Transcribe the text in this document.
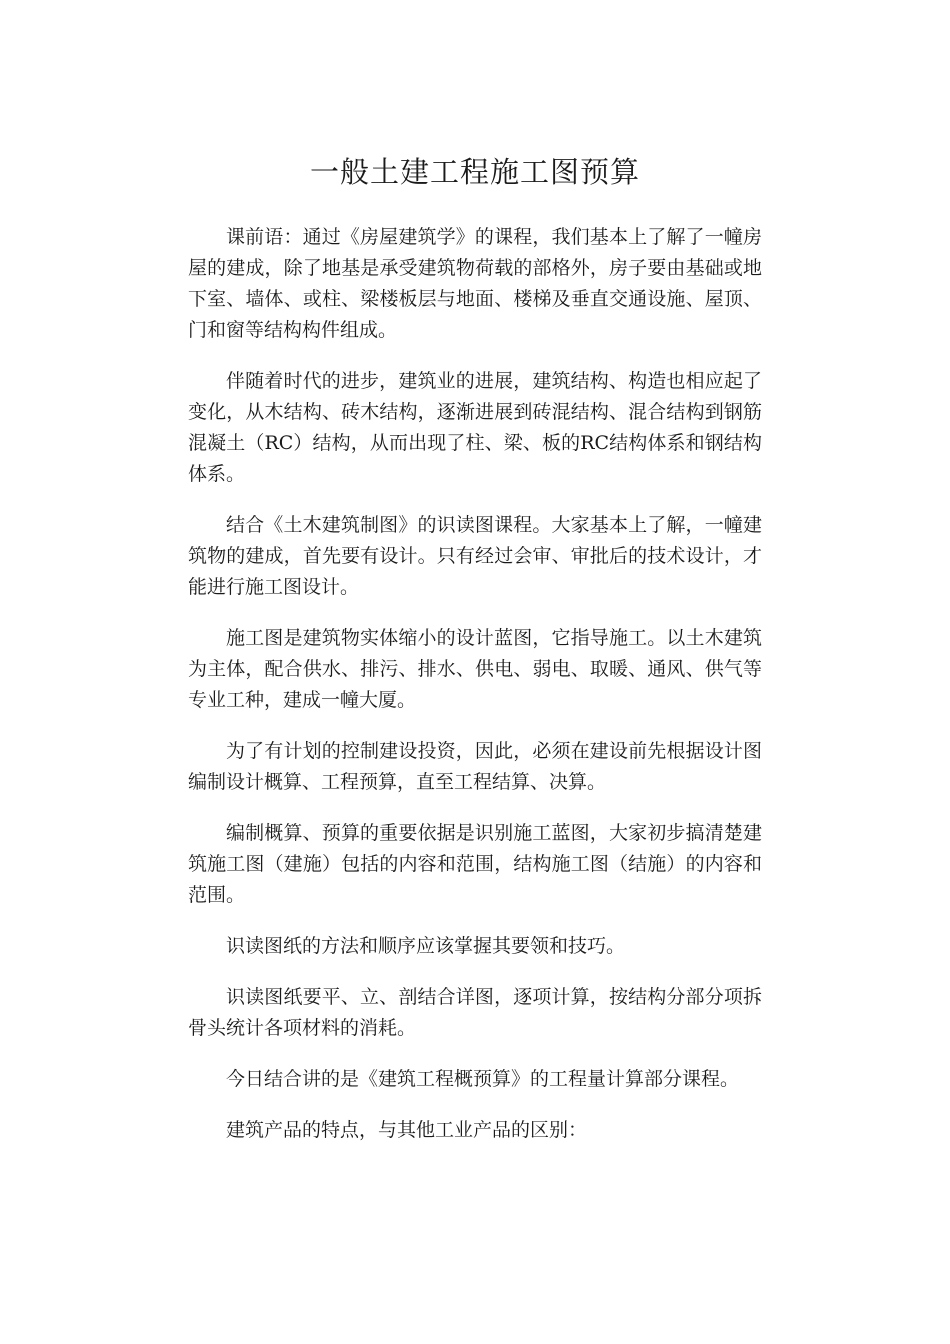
一般土建工程施工图预算

课前语：通过《房屋建筑学》的课程，我们基本上了解了一幢房屋的建成，除了地基是承受建筑物荷载的部格外，房子要由基础或地下室、墙体、或柱、梁楼板层与地面、楼梯及垂直交通设施、屋顶、门和窗等结构构件组成。

伴随着时代的进步，建筑业的进展，建筑结构、构造也相应起了变化，从木结构、砖木结构，逐渐进展到砖混结构、混合结构到钢筋混凝土（RC）结构，从而出现了柱、梁、板的RC结构体系和钢结构体系。

结合《土木建筑制图》的识读图课程。大家基本上了解，一幢建筑物的建成，首先要有设计。只有经过会审、审批后的技术设计，才能进行施工图设计。

施工图是建筑物实体缩小的设计蓝图，它指导施工。以土木建筑为主体，配合供水、排污、排水、供电、弱电、取暖、通风、供气等专业工种，建成一幢大厦。

为了有计划的控制建设投资，因此，必须在建设前先根据设计图编制设计概算、工程预算，直至工程结算、决算。

编制概算、预算的重要依据是识别施工蓝图，大家初步搞清楚建筑施工图（建施）包括的内容和范围，结构施工图（结施）的内容和范围。

识读图纸的方法和顺序应该掌握其要领和技巧。

识读图纸要平、立、剖结合详图，逐项计算，按结构分部分项拆骨头统计各项材料的消耗。

今日结合讲的是《建筑工程概预算》的工程量计算部分课程。

建筑产品的特点，与其他工业产品的区别：
